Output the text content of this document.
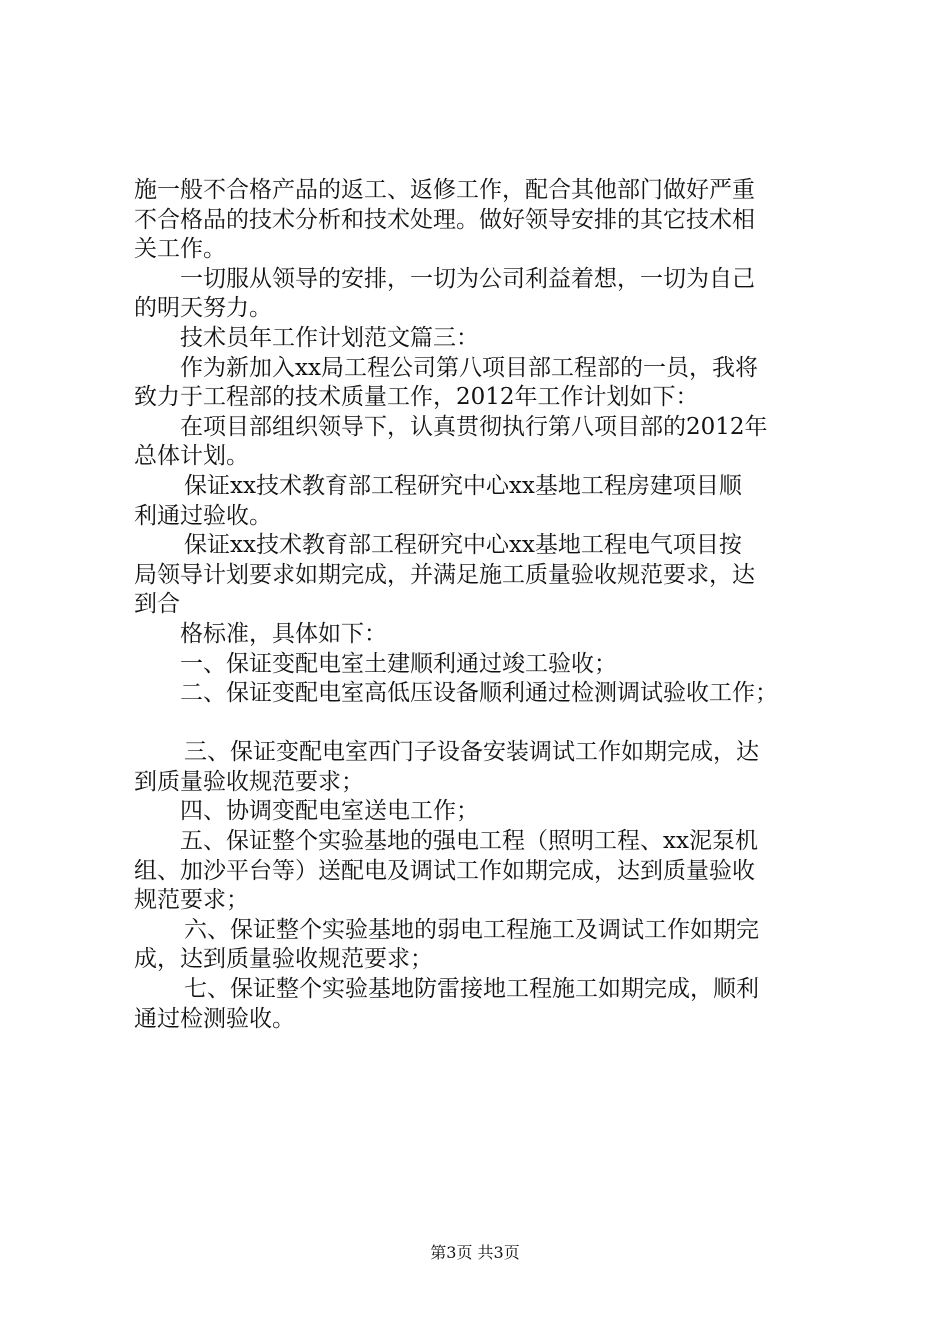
施一般不合格产品的返工、返修工作，配合其他部门做好严重
不合格品的技术分析和技术处理。做好领导安排的其它技术相
关工作。
一切服从领导的安排，一切为公司利益着想，一切为自己
的明天努力。
技术员年工作计划范文篇三：
作为新加入xx局工程公司第八项目部工程部的一员，我将
致力于工程部的技术质量工作，2012年工作计划如下：
在项目部组织领导下，认真贯彻执行第八项目部的2012年
总体计划。
保证xx技术教育部工程研究中心xx基地工程房建项目顺
利通过验收。
保证xx技术教育部工程研究中心xx基地工程电气项目按
局领导计划要求如期完成，并满足施工质量验收规范要求，达
到合
格标准，具体如下：
一、保证变配电室土建顺利通过竣工验收；
二、保证变配电室高低压设备顺利通过检测调试验收工作；
三、保证变配电室西门子设备安装调试工作如期完成，达
到质量验收规范要求；
四、协调变配电室送电工作；
五、保证整个实验基地的强电工程（照明工程、xx泥泵机
组、加沙平台等）送配电及调试工作如期完成，达到质量验收
规范要求；
六、保证整个实验基地的弱电工程施工及调试工作如期完
成，达到质量验收规范要求；
七、保证整个实验基地防雷接地工程施工如期完成，顺利
通过检测验收。
第3页 共3页
